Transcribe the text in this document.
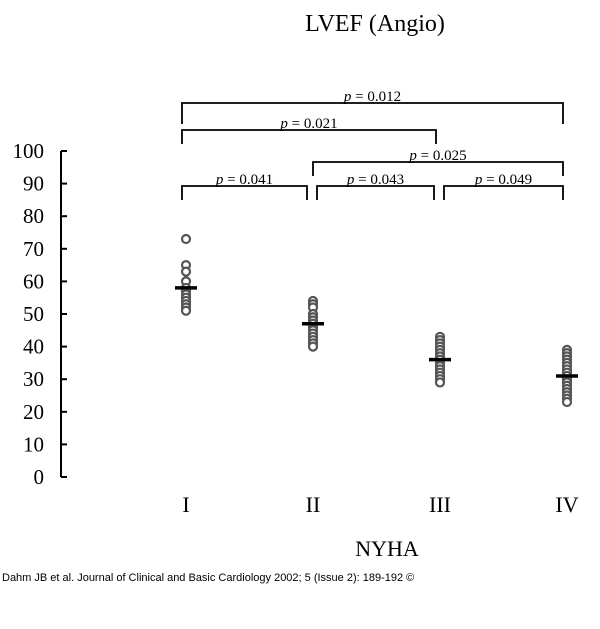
LVEF (Angio)
0
10
20
30
40
50
60
70
80
90
100
I	II	III	IV
p = 0.012
p = 0.021
p = 0.025
p = 0.041	p = 0.043	p = 0.049
NYHA
Dahm JB et al. Journal of Clinical and Basic Cardiology 2002; 5 (Issue 2): 189-192 ©
